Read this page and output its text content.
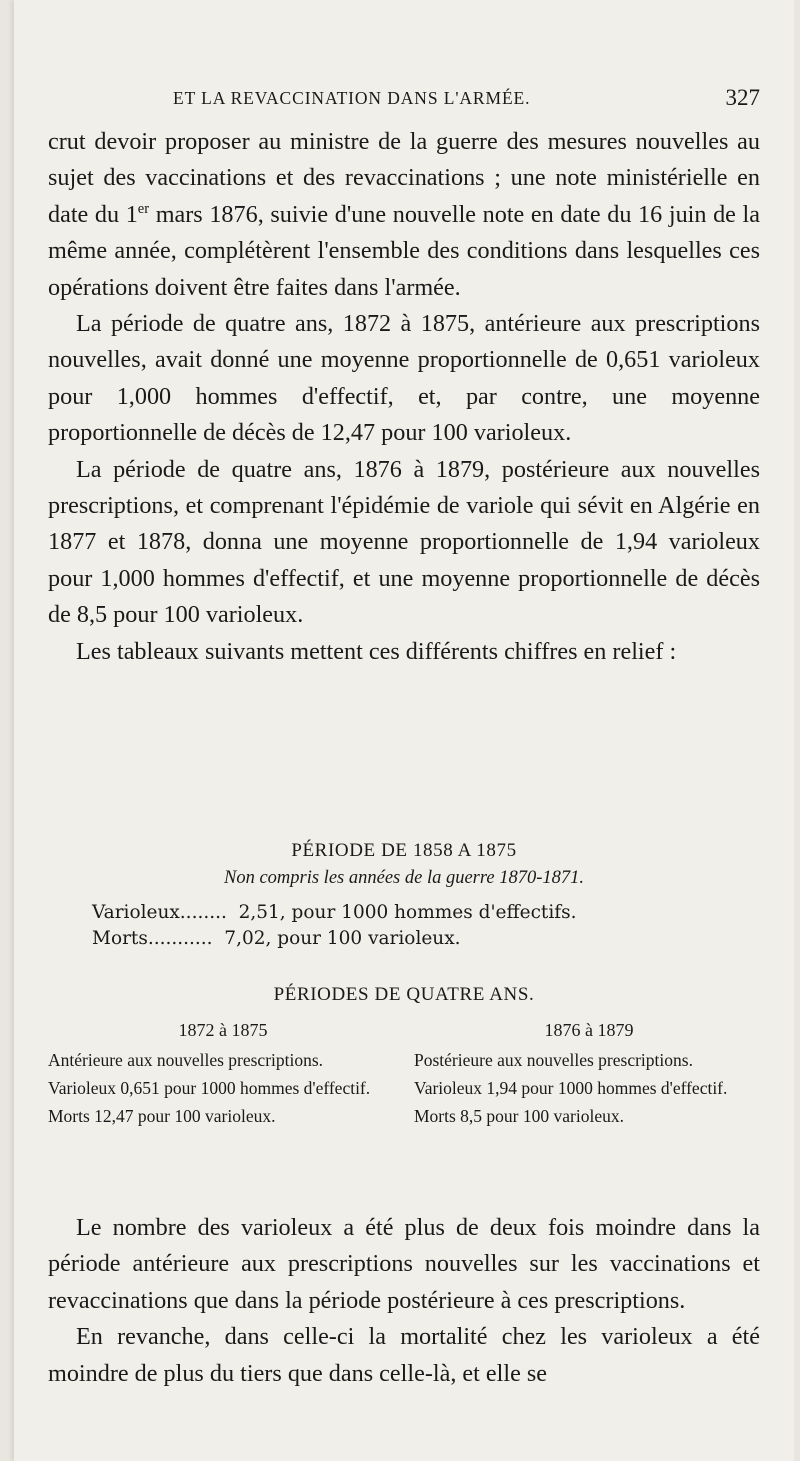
ET LA REVACCINATION DANS L'ARMÉE.	327

crut devoir proposer au ministre de la guerre des mesures nouvelles au sujet des vaccinations et des revaccinations ; une note ministérielle en date du 1er mars 1876, suivie d'une nouvelle note en date du 16 juin de la même année, complétèrent l'ensemble des conditions dans lesquelles ces opérations doivent être faites dans l'armée.

La période de quatre ans, 1872 à 1875, antérieure aux prescriptions nouvelles, avait donné une moyenne proportionnelle de 0,651 varioleux pour 1,000 hommes d'effectif, et, par contre, une moyenne proportionnelle de décès de 12,47 pour 100 varioleux.

La période de quatre ans, 1876 à 1879, postérieure aux nouvelles prescriptions, et comprenant l'épidémie de variole qui sévit en Algérie en 1877 et 1878, donna une moyenne proportionnelle de 1,94 varioleux pour 1,000 hommes d'effectif, et une moyenne proportionnelle de décès de 8,5 pour 100 varioleux.

Les tableaux suivants mettent ces différents chiffres en relief :

PÉRIODE DE 1858 A 1875
Non compris les années de la guerre 1870-1871.
Varioleux........  2,51, pour 1000 hommes d'effectifs.
Morts...........  7,02, pour 100 varioleux.
PÉRIODES DE QUATRE ANS.
1872 à 1875
Antérieure aux nouvelles prescriptions.
Varioleux 0,651 pour 1000 hommes d'effectif.
Morts 12,47 pour 100 varioleux.
1876 à 1879
Postérieure aux nouvelles prescriptions.
Varioleux 1,94 pour 1000 hommes d'effectif.
Morts 8,5 pour 100 varioleux.

Le nombre des varioleux a été plus de deux fois moindre dans la période antérieure aux prescriptions nouvelles sur les vaccinations et revaccinations que dans la période postérieure à ces prescriptions.

En revanche, dans celle-ci la mortalité chez les varioleux a été moindre de plus du tiers que dans celle-là, et elle se
